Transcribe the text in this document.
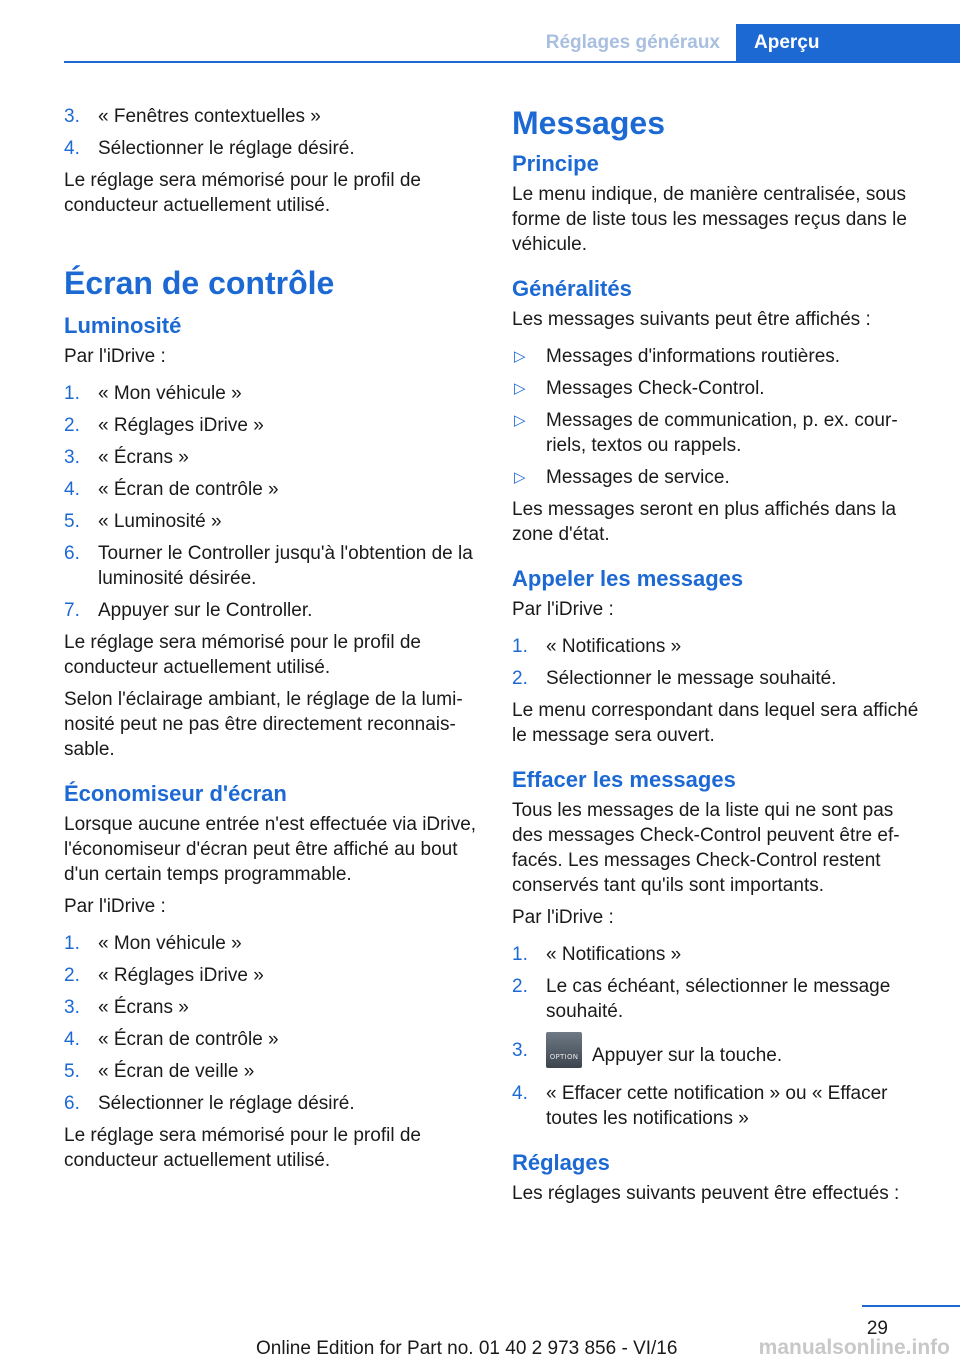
Réglages généraux	Aperçu
3. « Fenêtres contextuelles »
4. Sélectionner le réglage désiré.

Le réglage sera mémorisé pour le profil de conducteur actuellement utilisé.

Écran de contrôle
Luminosité

Par l'iDrive :

1. « Mon véhicule »
2. « Réglages iDrive »
3. « Écrans »
4. « Écran de contrôle »
5. « Luminosité »
6. Tourner le Controller jusqu'à l'obtention de la luminosité désirée.
7. Appuyer sur le Controller.

Le réglage sera mémorisé pour le profil de conducteur actuellement utilisé.

Selon l'éclairage ambiant, le réglage de la luminosité peut ne pas être directement reconnaissable.

Économiseur d'écran

Lorsque aucune entrée n'est effectuée via iDrive, l'économiseur d'écran peut être affiché au bout d'un certain temps programmable.

Par l'iDrive :

1. « Mon véhicule »
2. « Réglages iDrive »
3. « Écrans »
4. « Écran de contrôle »
5. « Écran de veille »
6. Sélectionner le réglage désiré.

Le réglage sera mémorisé pour le profil de conducteur actuellement utilisé.

Messages
Principe

Le menu indique, de manière centralisée, sous forme de liste tous les messages reçus dans le véhicule.

Généralités

Les messages suivants peut être affichés :

▷ Messages d'informations routières.
▷ Messages Check-Control.
▷ Messages de communication, p. ex. courriels, textos ou rappels.
▷ Messages de service.

Les messages seront en plus affichés dans la zone d'état.

Appeler les messages

Par l'iDrive :

1. « Notifications »
2. Sélectionner le message souhaité.

Le menu correspondant dans lequel sera affiché le message sera ouvert.

Effacer les messages

Tous les messages de la liste qui ne sont pas des messages Check-Control peuvent être effacés. Les messages Check-Control restent conservés tant qu'ils sont importants.

Par l'iDrive :

1. « Notifications »
2. Le cas échéant, sélectionner le message souhaité.
3.	OPTION Appuyer sur la touche.
4. « Effacer cette notification » ou « Effacer toutes les notifications »
Réglages

Les réglages suivants peuvent être effectués :

29
Online Edition for Part no. 01 40 2 973 856 - VI/16	manualsonline.info
